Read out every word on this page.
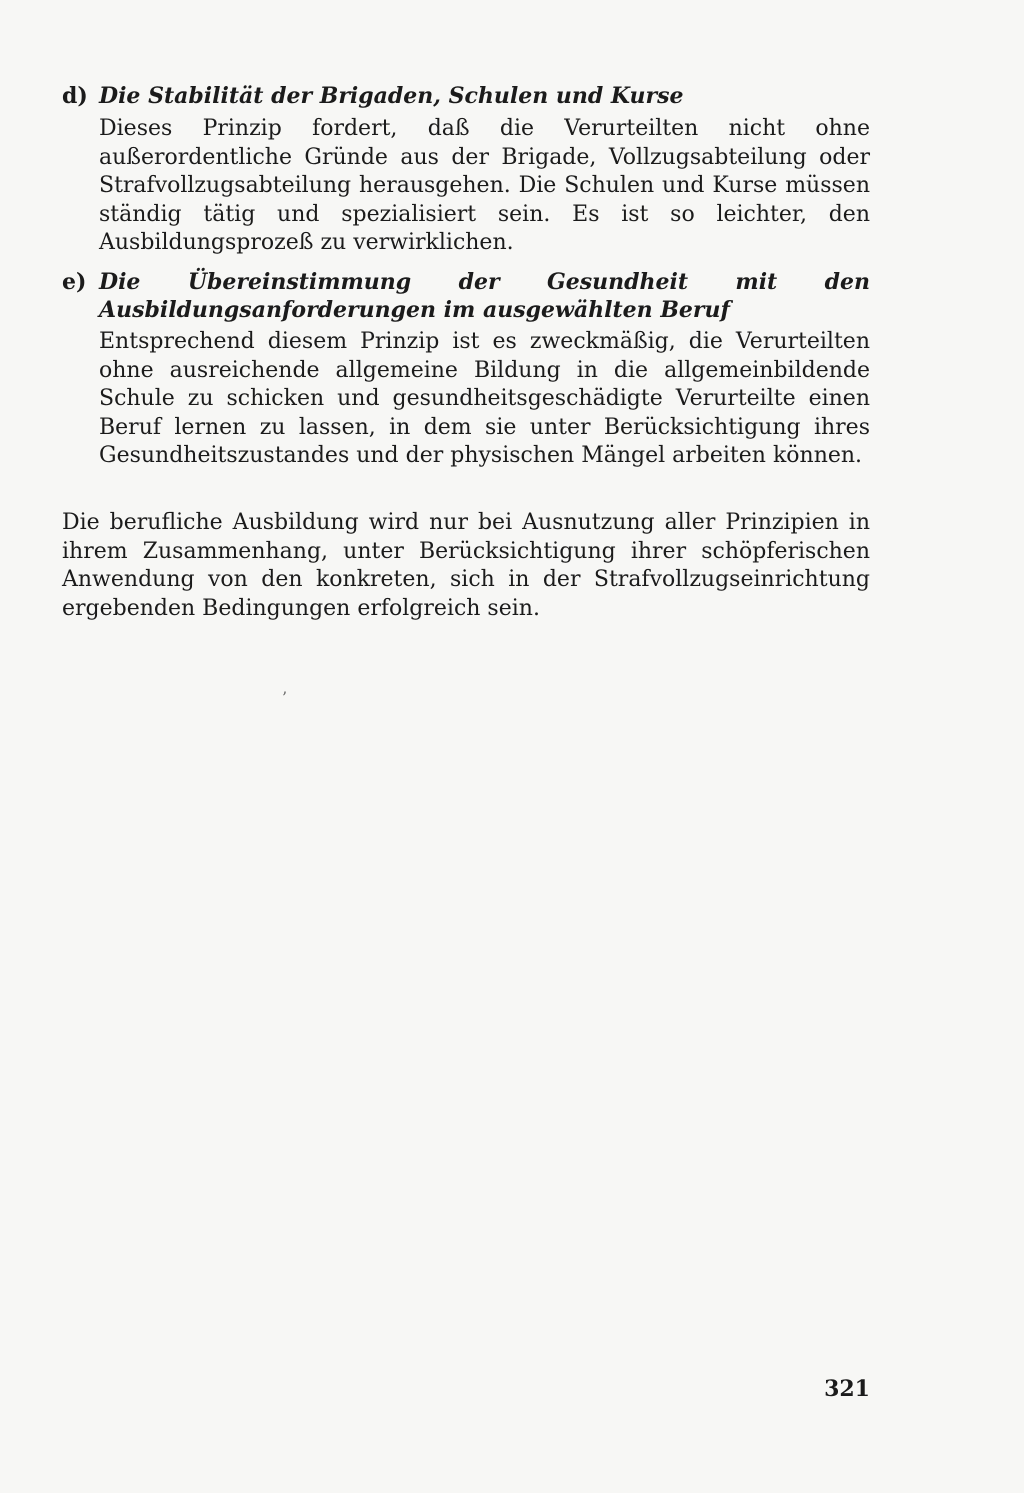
d) Die Stabilität der Brigaden, Schulen und Kurse

Dieses Prinzip fordert, daß die Verurteilten nicht ohne außerordentliche Gründe aus der Brigade, Vollzugsabteilung oder Strafvollzugsabteilung herausgehen. Die Schulen und Kurse müssen ständig tätig und spezialisiert sein. Es ist so leichter, den Ausbildungsprozeß zu verwirklichen.

e) Die Übereinstimmung der Gesundheit mit den Ausbildungsanforderungen im ausgewählten Beruf

Entsprechend diesem Prinzip ist es zweckmäßig, die Verurteilten ohne ausreichende allgemeine Bildung in die allgemeinbildende Schule zu schicken und gesundheitsgeschädigte Verurteilte einen Beruf lernen zu lassen, in dem sie unter Berücksichtigung ihres Gesundheitszustandes und der physischen Mängel arbeiten können.

Die berufliche Ausbildung wird nur bei Ausnutzung aller Prinzipien in ihrem Zusammenhang, unter Berücksichtigung ihrer schöpferischen Anwendung von den konkreten, sich in der Strafvollzugseinrichtung ergebenden Bedingungen erfolgreich sein.

’

321
